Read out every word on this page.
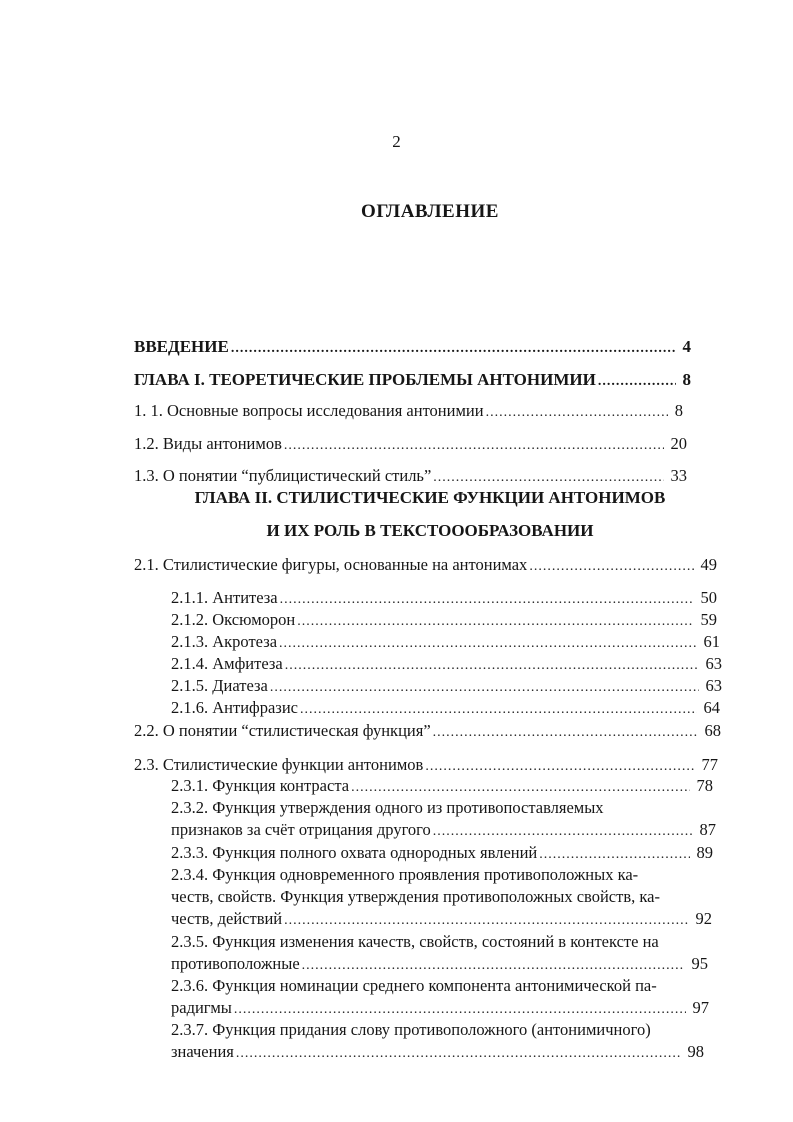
2
ОГЛАВЛЕНИЕ
ВВЕДЕНИЕ .....	4
ГЛАВА I. ТЕОРЕТИЧЕСКИЕ ПРОБЛЕМЫ АНТОНИМИИ .....	8
1. 1. Основные вопросы исследования антонимии .....	8
1.2. Виды антонимов .....	20
1.3. О понятии “публицистический стиль” .....	33
ГЛАВА II. СТИЛИСТИЧЕСКИЕ ФУНКЦИИ АНТОНИМОВ
И ИХ РОЛЬ В ТЕКСТОООБРАЗОВАНИИ
2.1. Стилистические фигуры, основанные на антонимах .....	49
2.1.1. Антитеза .....	50
2.1.2. Оксюморон .....	59
2.1.3. Акротеза .....	61
2.1.4. Амфитеза .....	63
2.1.5. Диатеза .....	63
2.1.6. Антифразис .....	64
2.2. О понятии “стилистическая функция” .....	68
2.3. Стилистические функции антонимов .....	77
2.3.1. Функция контраста .....	78
2.3.2. Функция утверждения одного из противопоставляемых
признаков за счёт отрицания другого .....	87
2.3.3. Функция полного охвата однородных явлений .....	89
2.3.4. Функция одновременного проявления противоположных ка-
честв, свойств. Функция утверждения противоположных свойств, ка-
честв, действий .....	92
2.3.5. Функция изменения качеств, свойств, состояний в контексте на
противоположные .....	95
2.3.6. Функция номинации среднего компонента антонимической па-
радигмы .....	97
2.3.7. Функция придания слову противоположного (антонимичного)
значения .....	98
